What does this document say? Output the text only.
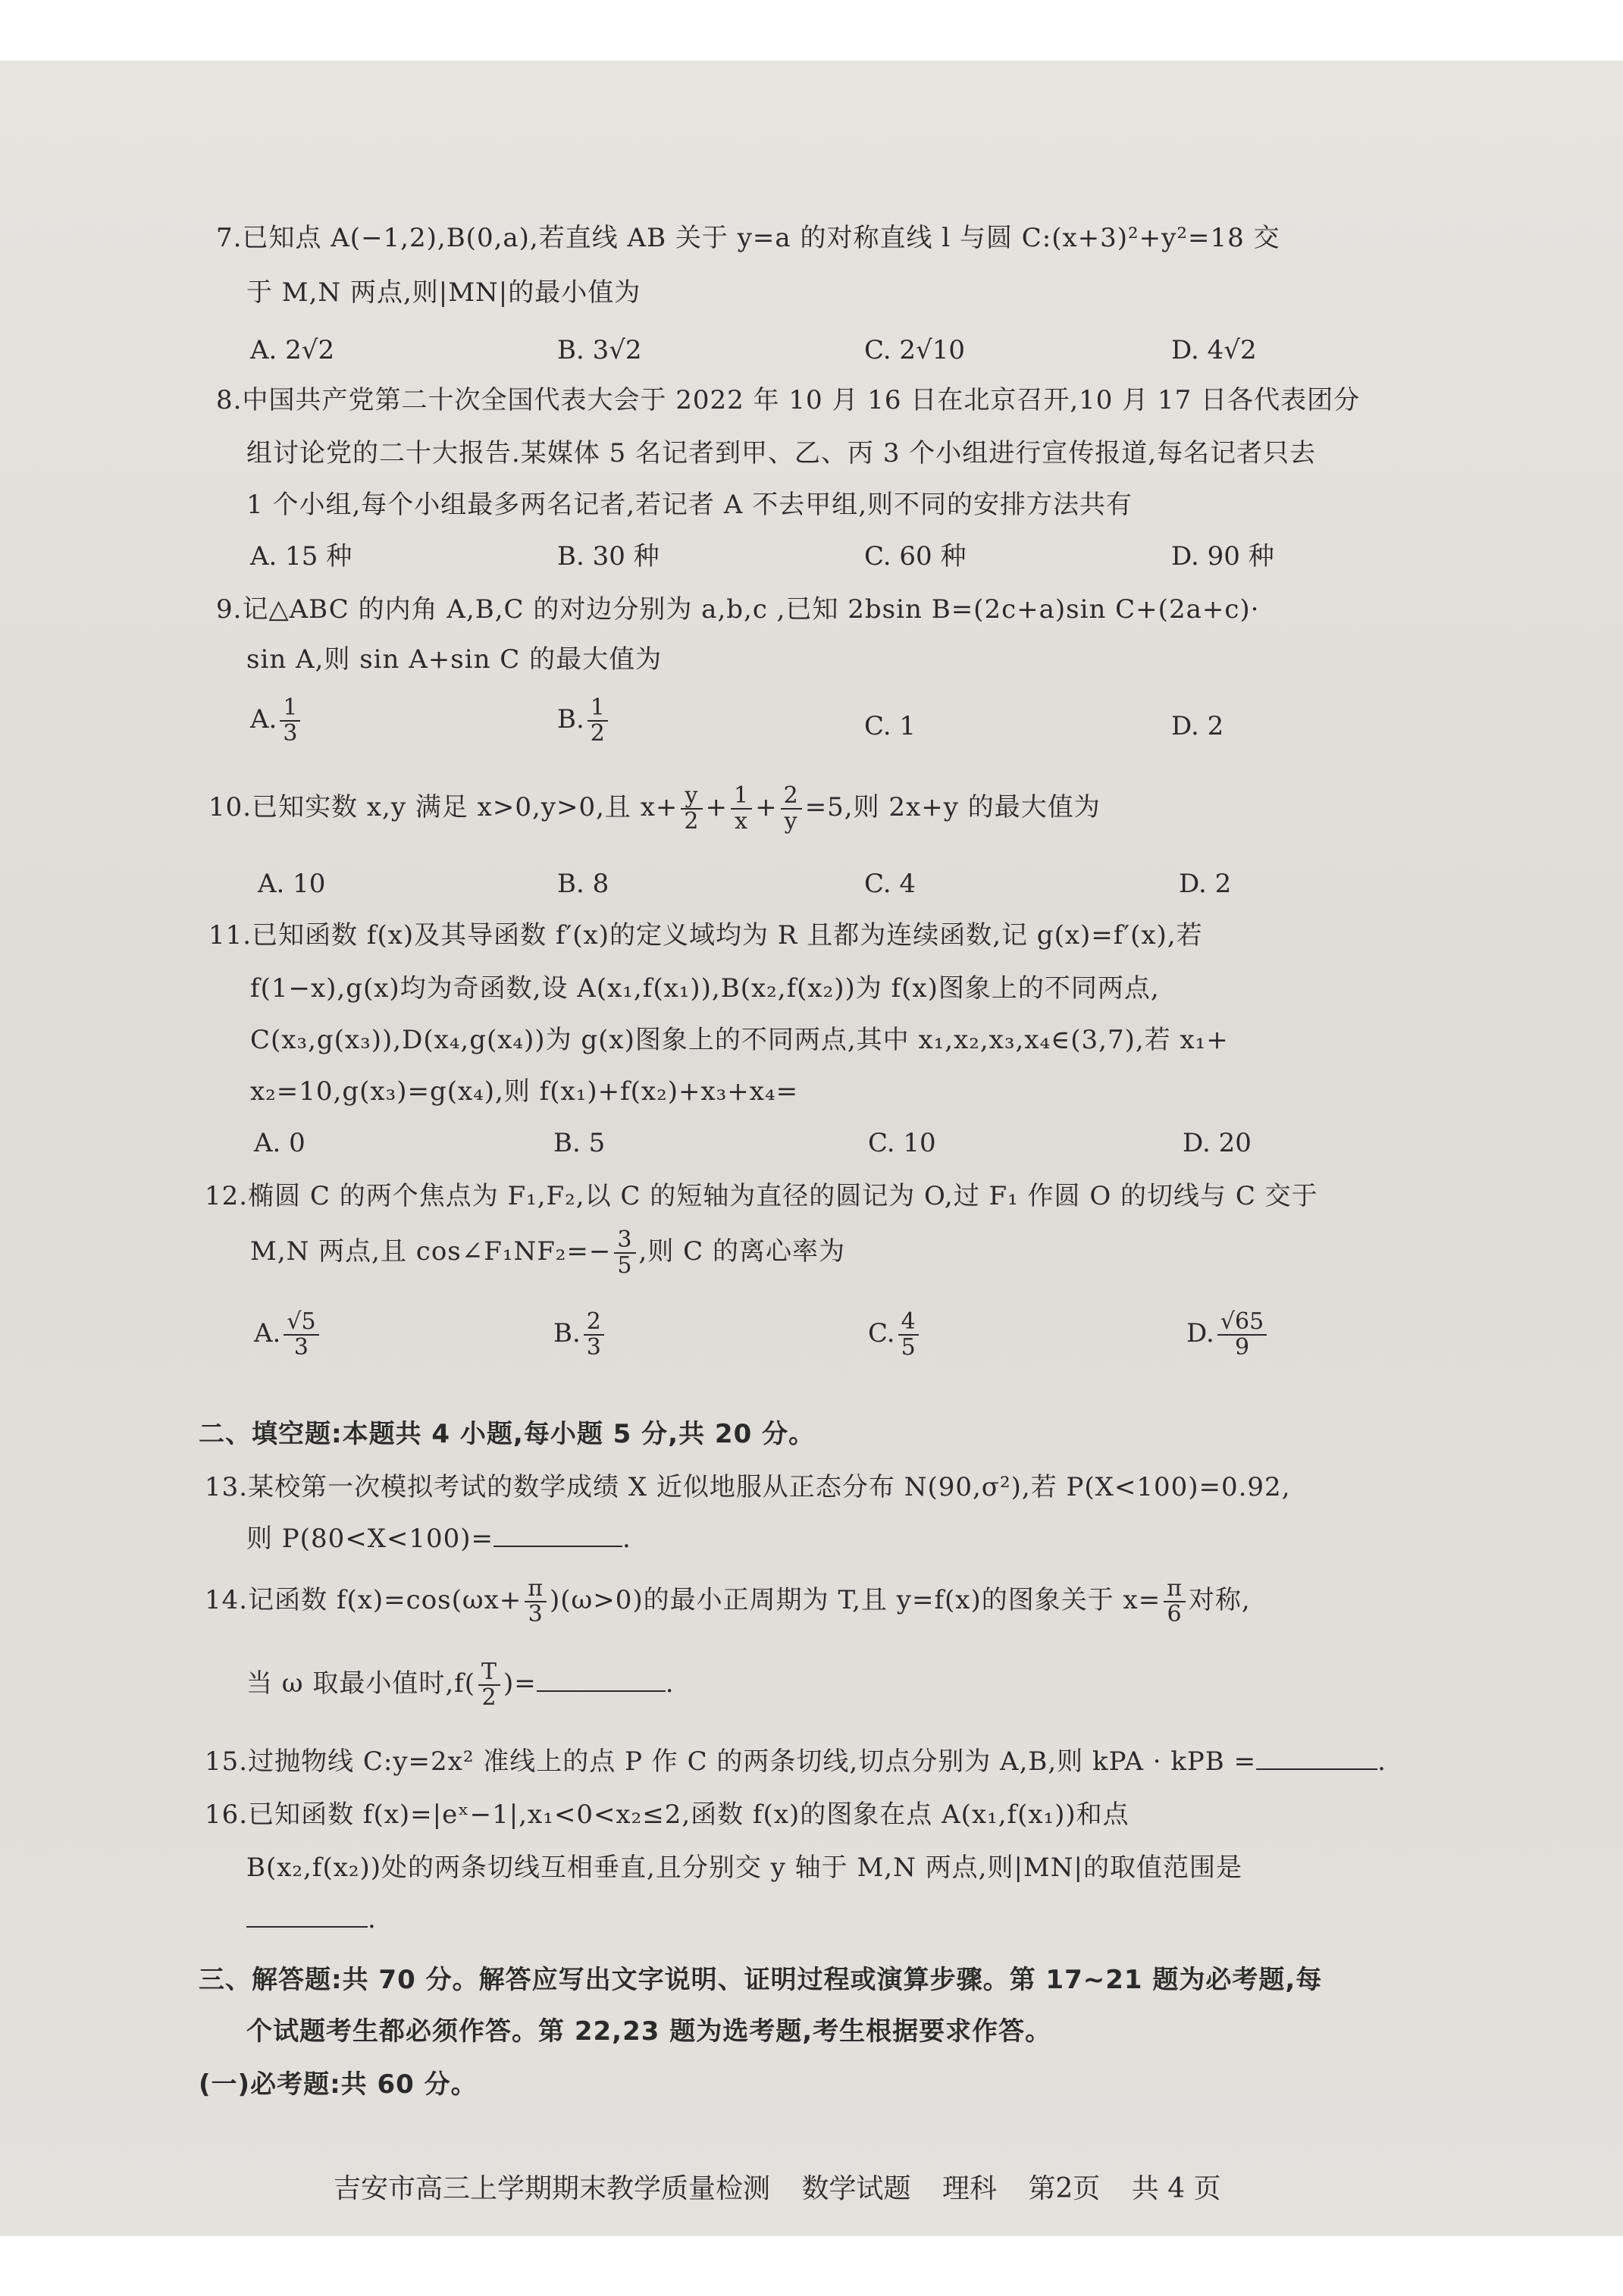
7.已知点 A(−1,2),B(0,a),若直线 AB 关于 y=a 的对称直线 l 与圆 C:(x+3)²+y²=18 交
于 M,N 两点,则|MN|的最小值为
A. 2√2	B. 3√2	C. 2√10	D. 4√2
8.中国共产党第二十次全国代表大会于 2022 年 10 月 16 日在北京召开,10 月 17 日各代表团分
组讨论党的二十大报告.某媒体 5 名记者到甲、乙、丙 3 个小组进行宣传报道,每名记者只去
1 个小组,每个小组最多两名记者,若记者 A 不去甲组,则不同的安排方法共有
A. 15 种	B. 30 种	C. 60 种	D. 90 种
9.记△ABC 的内角 A,B,C 的对边分别为 a,b,c ,已知 2bsin B=(2c+a)sin C+(2a+c)·
sin A,则 sin A+sin C 的最大值为
A. $\frac{1}{3}$	B. $\frac{1}{2}$	C. 1	D. 2
10.已知实数 x,y 满足 x>0,y>0,且 $x+ \frac{y}{2} + \frac{1}{x} + \frac{2}{y} =5$,则 2x+y 的最大值为
A. 10	B. 8	C. 4	D. 2
11.已知函数 f(x)及其导函数 f′(x)的定义域均为 R 且都为连续函数,记 g(x)=f′(x),若
f(1−x),g(x)均为奇函数,设 A(x₁,f(x₁)),B(x₂,f(x₂))为 f(x)图象上的不同两点,
C(x₃,g(x₃)),D(x₄,g(x₄))为 g(x)图象上的不同两点,其中 x₁,x₂,x₃,x₄∈(3,7),若 x₁+
x₂=10,g(x₃)=g(x₄),则 f(x₁)+f(x₂)+x₃+x₄=
A. 0	B. 5	C. 10	D. 20
12.椭圆 C 的两个焦点为 F₁,F₂,以 C 的短轴为直径的圆记为 O,过 F₁ 作圆 O 的切线与 C 交于
M,N 两点,且 cos∠F₁NF₂=− $\frac{3}{5}$ ,则 C 的离心率为
A. $\frac{√5}{3}$	B. $\frac{2}{3}$	C. $\frac{4}{5}$	D. $\frac{√65}{9}$
二、填空题:本题共 4 小题,每小题 5 分,共 20 分。
13.某校第一次模拟考试的数学成绩 X 近似地服从正态分布 N(90,σ²),若 P(X<100)=0.92,
则 P(80<X<100)=	.
14.记函数 $f(x)=\cos(\omega x+ \frac{\pi}{3} )(\omega>0)$的最小正周期为 T,且 y=f(x)的图象关于 $x= \frac{\pi}{6}$ 对称,
当 ω 取最小值时$,f( \frac{T}{2}$ )=	.
15.过抛物线 C:y=2x² 准线上的点 P 作 C 的两条切线,切点分别为 A,B,则 kPA · kPB =	.
16.已知函数 f(x)=|eˣ−1|,x₁<0<x₂≤2,函数 f(x)的图象在点 A(x₁,f(x₁))和点
B(x₂,f(x₂))处的两条切线互相垂直,且分别交 y 轴于 M,N 两点,则|MN|的取值范围是
.
三、解答题:共 70 分。解答应写出文字说明、证明过程或演算步骤。第 17~21 题为必考题,每
个试题考生都必须作答。第 22,23 题为选考题,考生根据要求作答。
(一)必考题:共 60 分。
吉安市高三上学期期末教学质量检测 数学试题 理科 第2页 共 4 页
